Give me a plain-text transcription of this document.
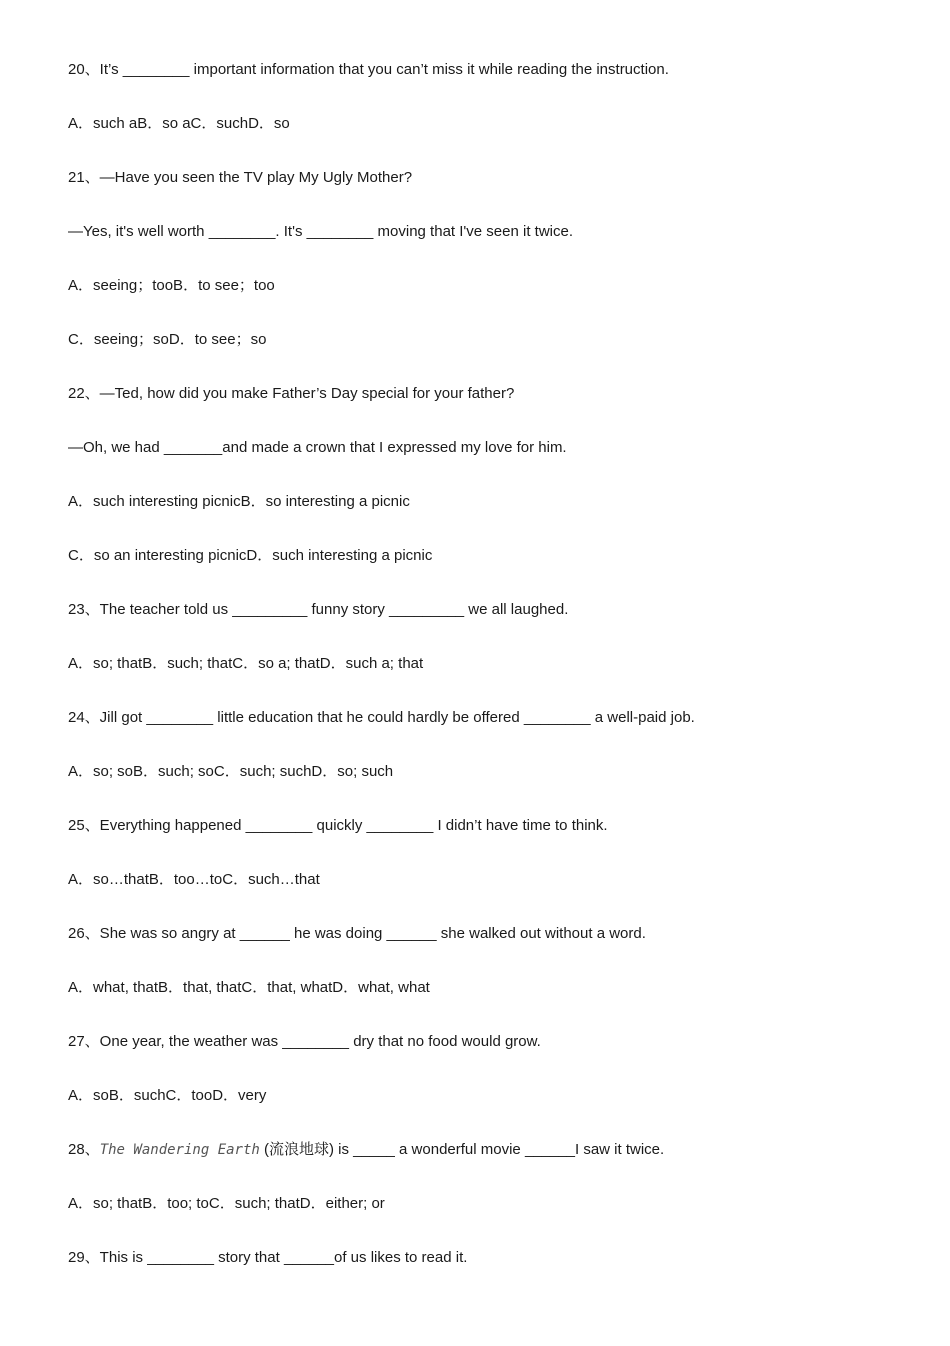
20、It’s ________ important information that you can’t miss it while reading the instruction.
A．such aB．so aC．suchD．so
21、—Have you seen the TV play My Ugly Mother?
—Yes, it's well worth ________. It's ________ moving that I've seen it twice.
A．seeing；tooB．to see；too
C．seeing；soD．to see；so
22、—Ted, how did you make Father’s Day special for your father?
—Oh, we had _______and made a crown that I expressed my love for him.
A．such interesting picnicB．so interesting a picnic
C．so an interesting picnicD．such interesting a picnic
23、The teacher told us _________ funny story _________ we all laughed.
A．so; thatB．such; thatC．so a; thatD．such a; that
24、Jill got ________ little education that he could hardly be offered ________ a well-paid job.
A．so; soB．such; soC．such; suchD．so; such
25、Everything happened ________ quickly ________ I didn’t have time to think.
A．so…thatB．too…toC．such…that
26、She was so angry at ______ he was doing ______ she walked out without a word.
A．what, thatB．that, thatC．that, whatD．what, what
27、One year, the weather was ________ dry that no food would grow.
A．soB．suchC．tooD．very
28、The Wandering Earth (流浪地球) is _____ a wonderful movie ______I saw it twice.
A．so; thatB．too; toC．such; thatD．either; or
29、This is ________ story that ______of us likes to read it.
